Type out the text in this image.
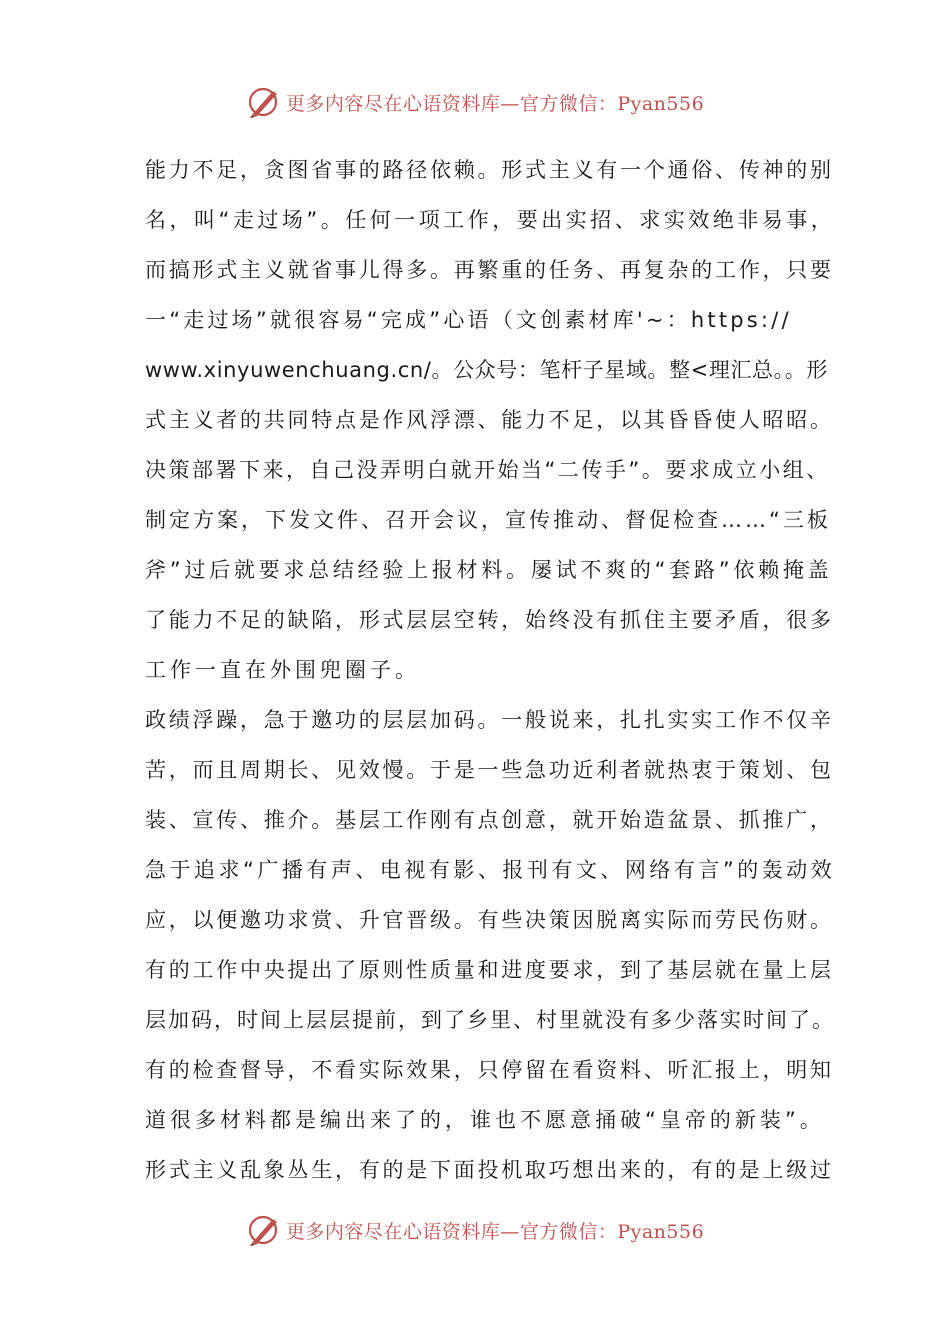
更多内容尽在心语资料库—官方微信：Pyan556
能力不足，贪图省事的路径依赖。形式主义有一个通俗、传神的别
名，叫“走过场”。任何一项工作，要出实招、求实效绝非易事，
而搞形式主义就省事儿得多。再繁重的任务、再复杂的工作，只要
一“走过场”就很容易“完成”心语（文创素材库'~：https://
www.xinyuwenchuang.cn/。公众号：笔杆子星域。整<理汇总。。形
式主义者的共同特点是作风浮漂、能力不足，以其昏昏使人昭昭。
决策部署下来，自己没弄明白就开始当“二传手”。要求成立小组、
制定方案，下发文件、召开会议，宣传推动、督促检查……“三板
斧”过后就要求总结经验上报材料。屡试不爽的“套路”依赖掩盖
了能力不足的缺陷，形式层层空转，始终没有抓住主要矛盾，很多
工作一直在外围兜圈子。
政绩浮躁，急于邀功的层层加码。一般说来，扎扎实实工作不仅辛
苦，而且周期长、见效慢。于是一些急功近利者就热衷于策划、包
装、宣传、推介。基层工作刚有点创意，就开始造盆景、抓推广，
急于追求“广播有声、电视有影、报刊有文、网络有言”的轰动效
应，以便邀功求赏、升官晋级。有些决策因脱离实际而劳民伤财。
有的工作中央提出了原则性质量和进度要求，到了基层就在量上层
层加码，时间上层层提前，到了乡里、村里就没有多少落实时间了。
有的检查督导，不看实际效果，只停留在看资料、听汇报上，明知
道很多材料都是编出来了的，谁也不愿意捅破“皇帝的新装”。
形式主义乱象丛生，有的是下面投机取巧想出来的，有的是上级过
更多内容尽在心语资料库—官方微信：Pyan556
